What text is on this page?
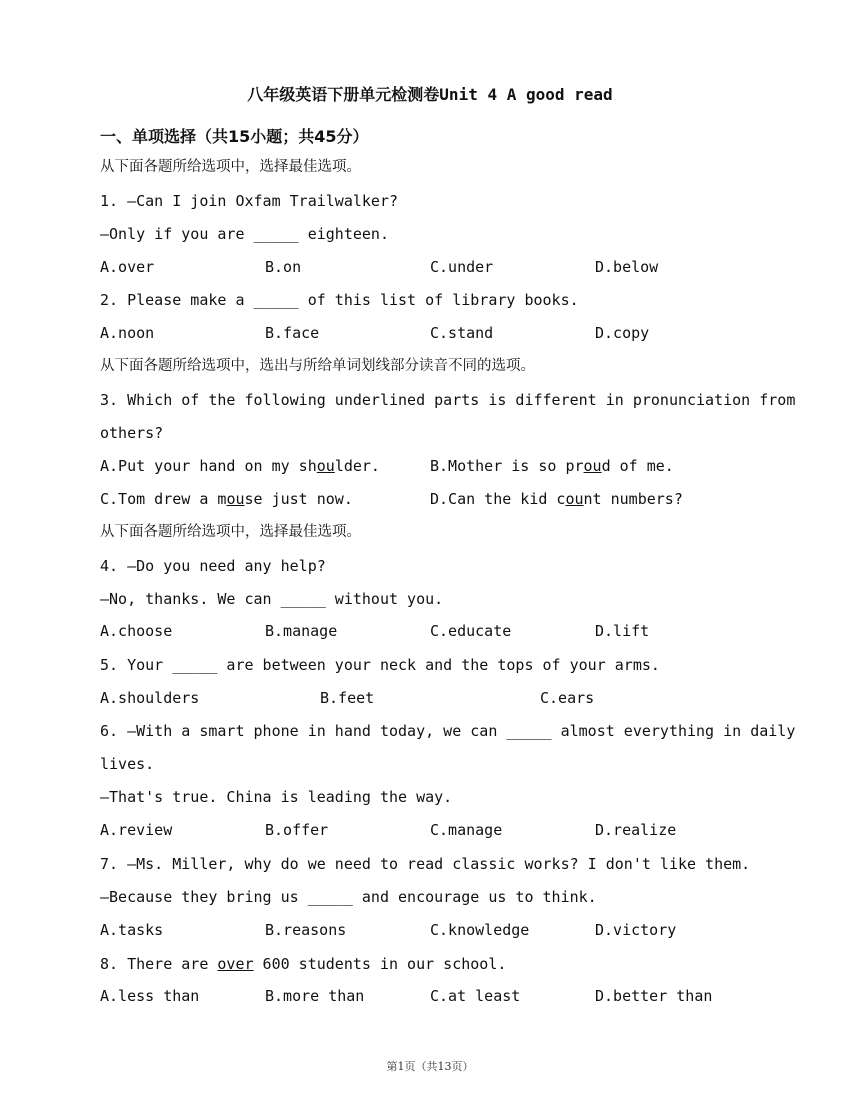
八年级英语下册单元检测卷Unit 4 A good read
一、单项选择（共15小题；共45分）
从下面各题所给选项中，选择最佳选项。
1. —Can I join Oxfam Trailwalker?
—Only if you are _____ eighteen.
A.over	B.on	C.under	D.below
2. Please make a _____ of this list of library books.
A.noon	B.face	C.stand	D.copy
从下面各题所给选项中，选出与所给单词划线部分读音不同的选项。
3. Which of the following underlined parts is different in pronunciation from
others?
A.Put your hand on my shoulder.	B.Mother is so proud of me.
C.Tom drew a mouse just now.	D.Can the kid count numbers?
从下面各题所给选项中，选择最佳选项。
4. —Do you need any help?
—No, thanks. We can _____ without you.
A.choose	B.manage	C.educate	D.lift
5. Your _____ are between your neck and the tops of your arms.
A.shoulders	B.feet	C.ears
6. —With a smart phone in hand today, we can _____ almost everything in daily
lives.
—That's true. China is leading the way.
A.review	B.offer	C.manage	D.realize
7. —Ms. Miller, why do we need to read classic works? I don't like them.
—Because they bring us _____ and encourage us to think.
A.tasks	B.reasons	C.knowledge	D.victory
8. There are over 600 students in our school.
A.less than	B.more than	C.at least	D.better than
第1页（共13页）
